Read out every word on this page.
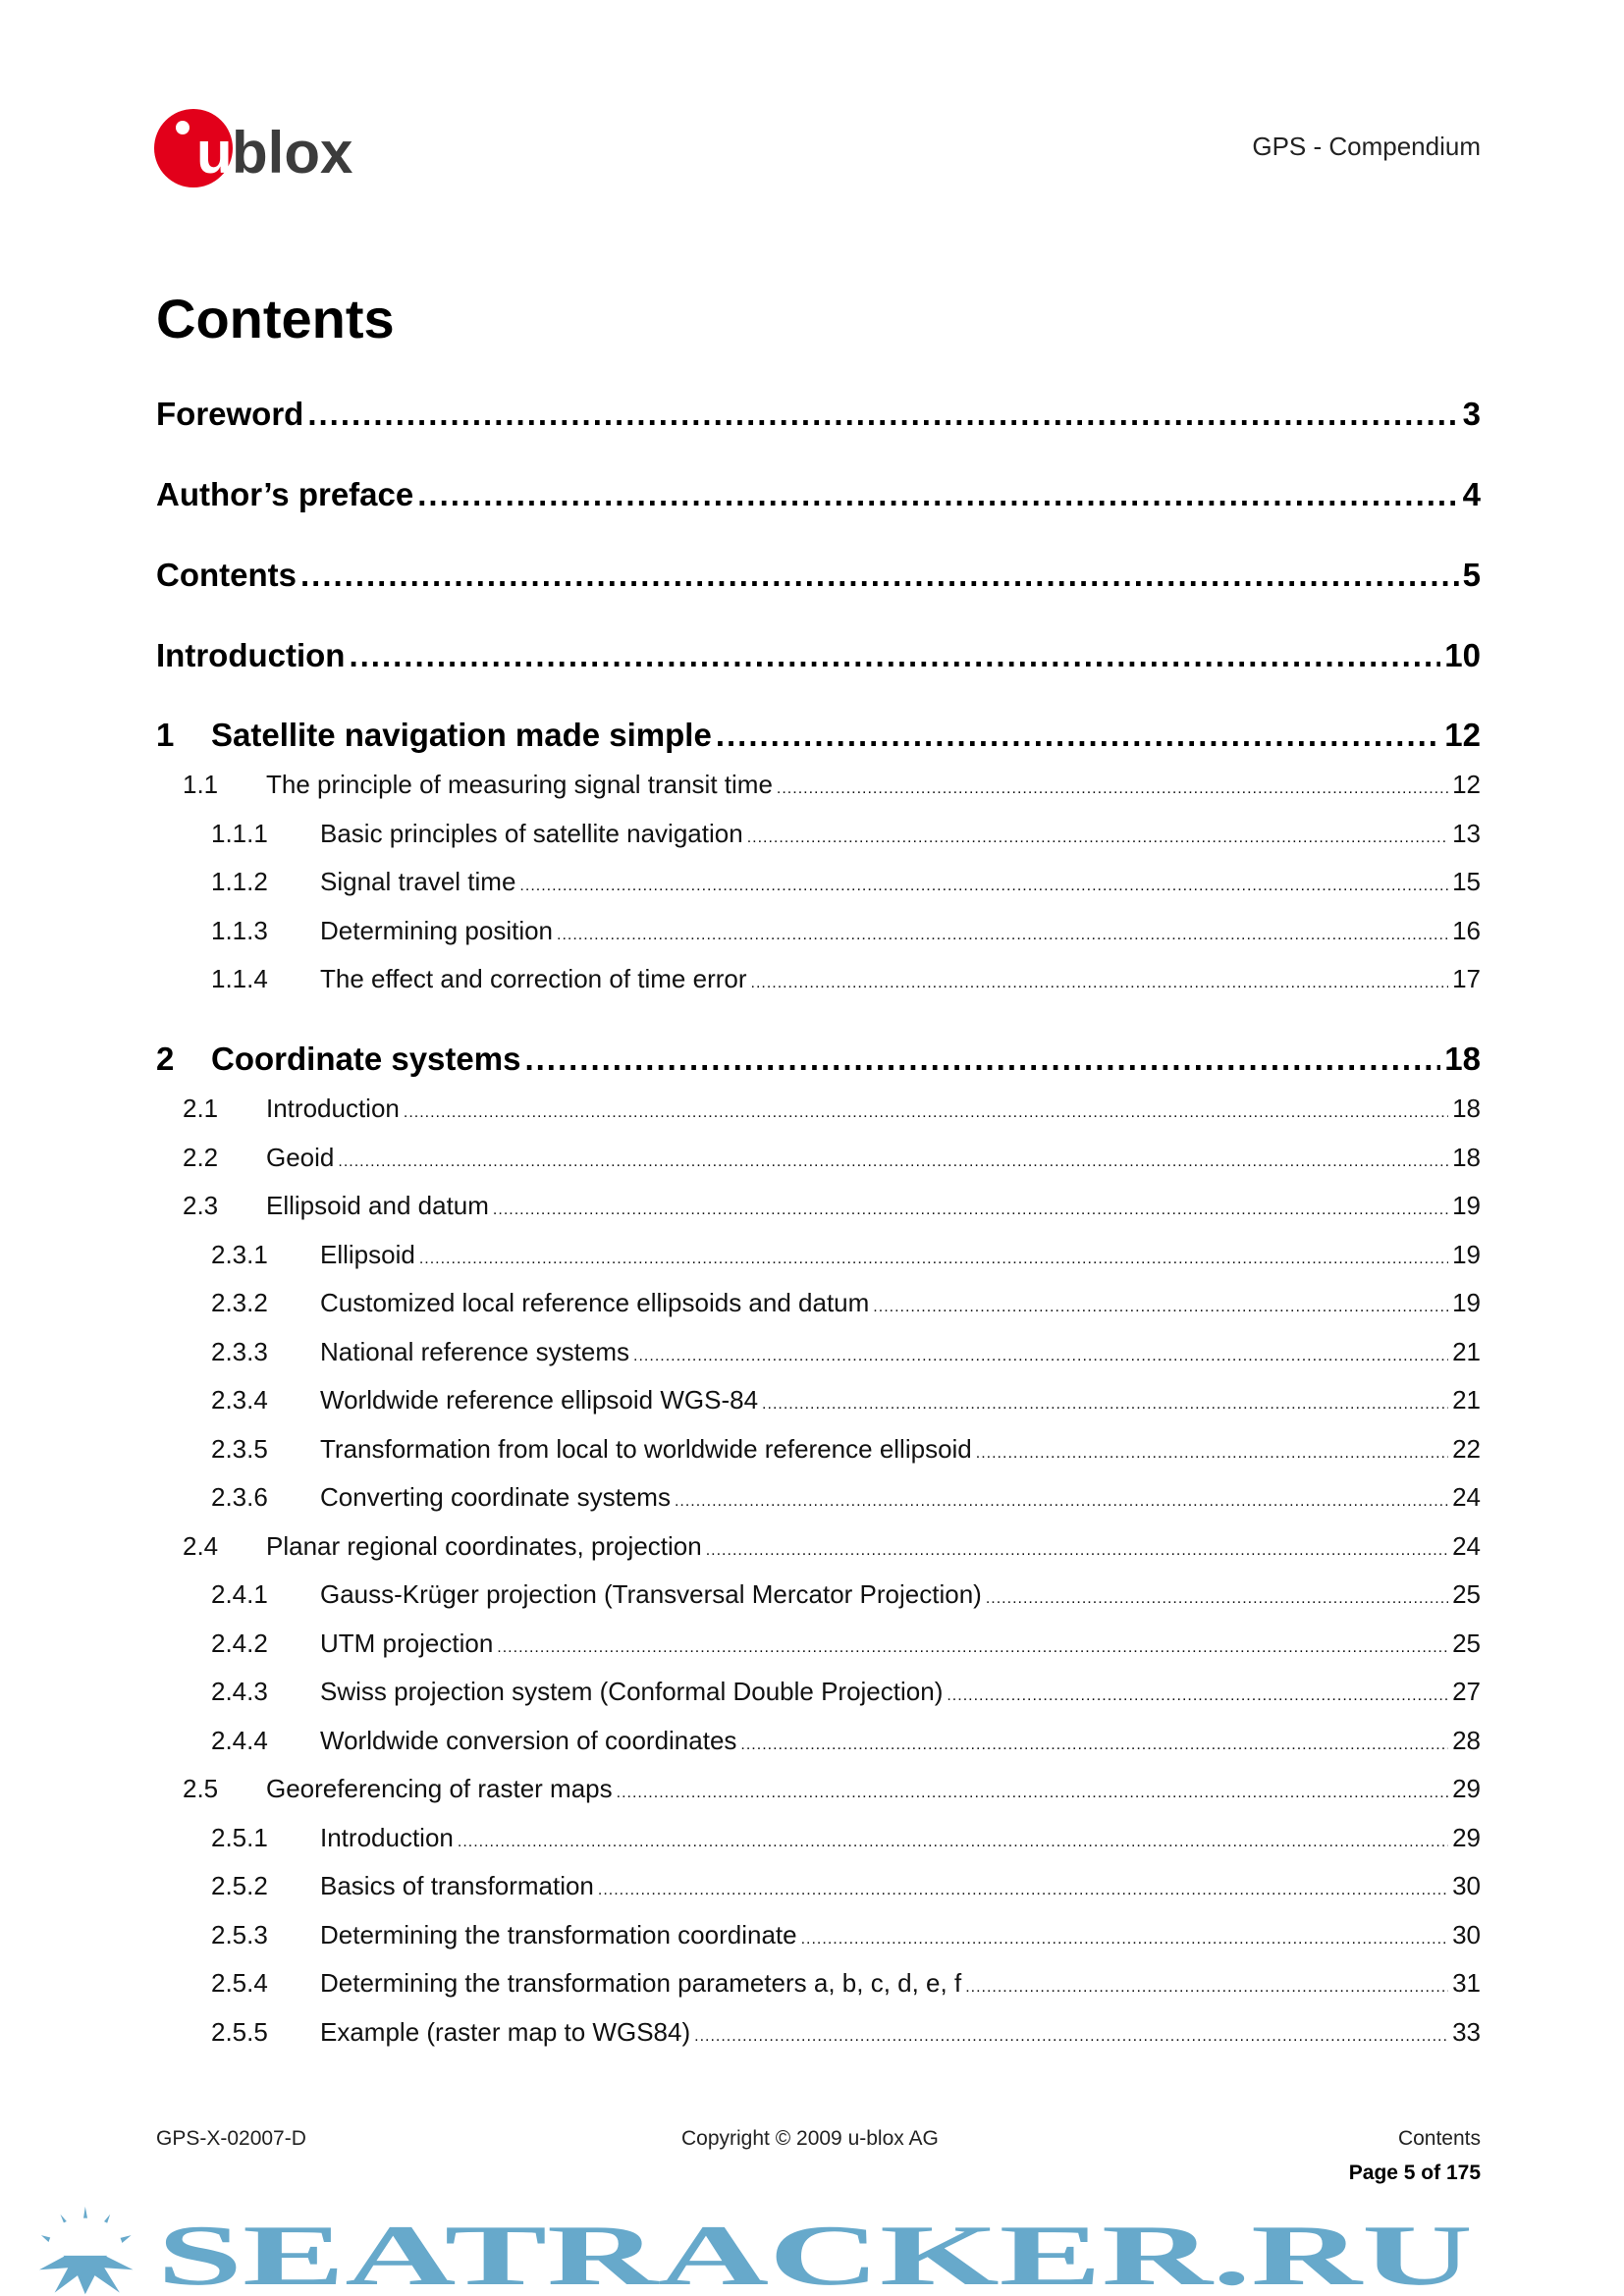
u blox	GPS - Compendium
Contents
Foreword .....	3
Author’s preface .....	4
Contents .....	5
Introduction .....	10
1	Satellite navigation made simple .....	12
1.1	The principle of measuring signal transit time .....	12
1.1.1	Basic principles of satellite navigation .....	13
1.1.2	Signal travel time .....	15
1.1.3	Determining position .....	16
1.1.4	The effect and correction of time error .....	17
2	Coordinate systems .....	18
2.1	Introduction .....	18
2.2	Geoid .....	18
2.3	Ellipsoid and datum .....	19
2.3.1	Ellipsoid .....	19
2.3.2	Customized local reference ellipsoids and datum .....	19
2.3.3	National reference systems .....	21
2.3.4	Worldwide reference ellipsoid WGS-84 .....	21
2.3.5	Transformation from local to worldwide reference ellipsoid .....	22
2.3.6	Converting coordinate systems .....	24
2.4	Planar regional coordinates, projection .....	24
2.4.1	Gauss-Krüger projection (Transversal Mercator Projection) .....	25
2.4.2	UTM projection .....	25
2.4.3	Swiss projection system (Conformal Double Projection) .....	27
2.4.4	Worldwide conversion of coordinates .....	28
2.5	Georeferencing of raster maps .....	29
2.5.1	Introduction .....	29
2.5.2	Basics of transformation .....	30
2.5.3	Determining the transformation coordinate .....	30
2.5.4	Determining the transformation parameters a, b, c, d, e, f .....	31
2.5.5	Example (raster map to WGS84) .....	33
GPS-X-02007-D	Copyright © 2009 u-blox AG	Contents
Page 5 of 175
SEATRACKER.RU
